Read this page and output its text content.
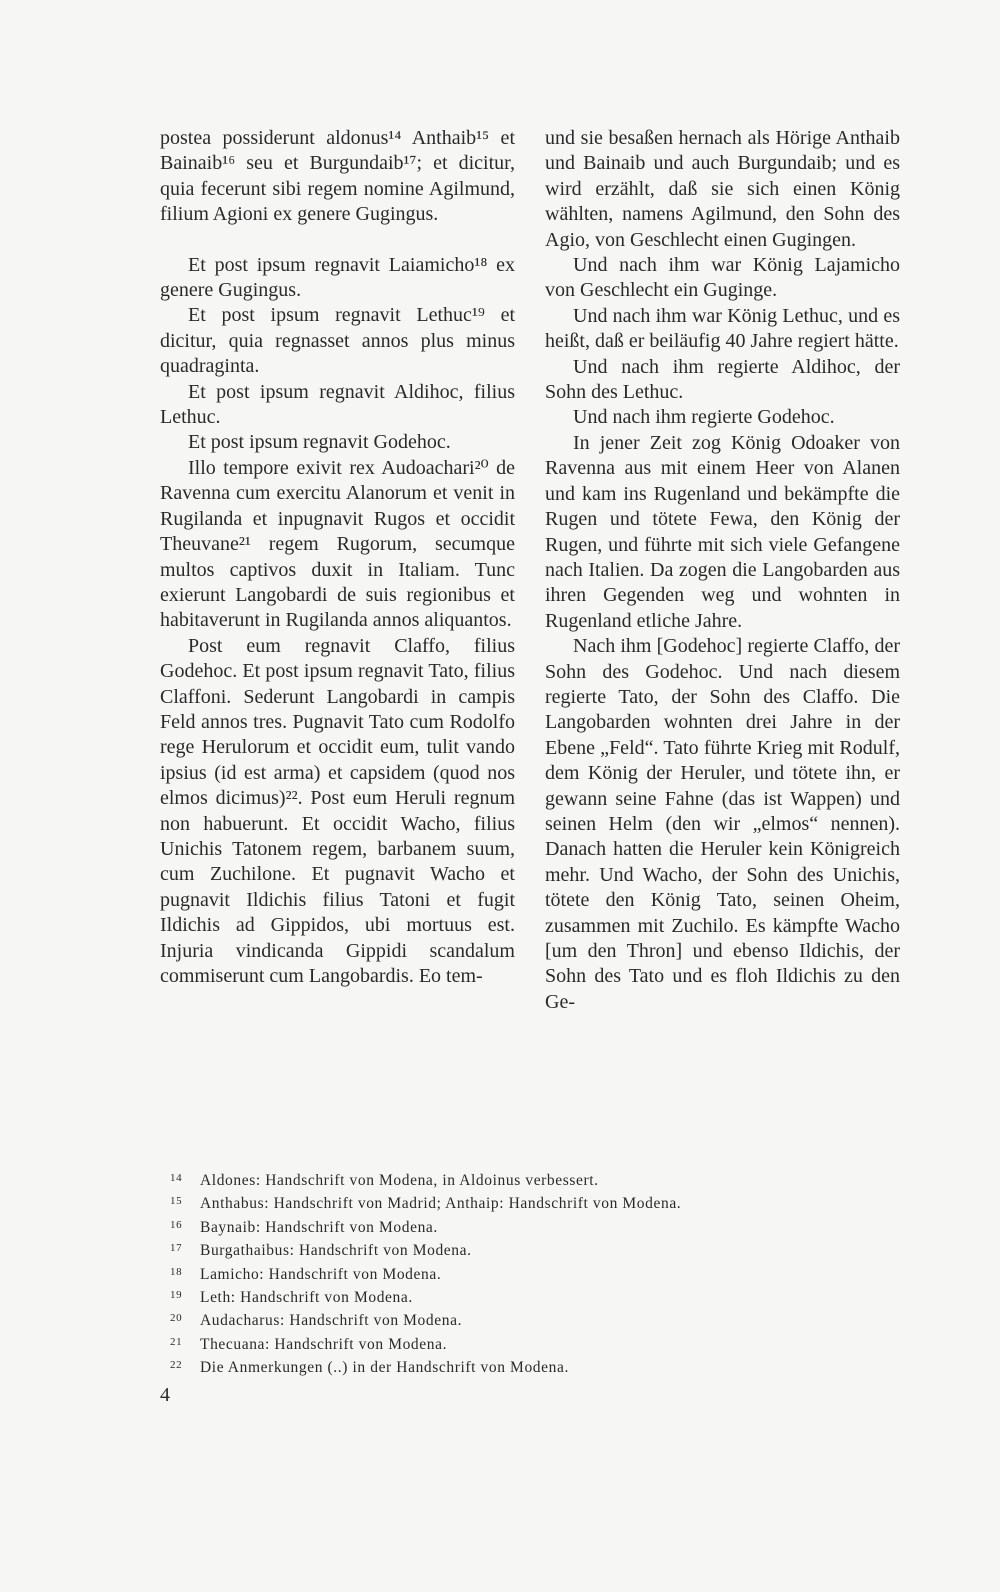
postea possiderunt aldonus¹⁴ Anthaib¹⁵ et Bainaib¹⁶ seu et Burgundaib¹⁷; et dicitur, quia fecerunt sibi regem nomine Agilmund, filium Agioni ex genere Gugingus.

Et post ipsum regnavit Laiamicho¹⁸ ex genere Gugingus.

Et post ipsum regnavit Lethuc¹⁹ et dicitur, quia regnasset annos plus minus quadraginta.

Et post ipsum regnavit Aldihoc, filius Lethuc.

Et post ipsum regnavit Godehoc.

Illo tempore exivit rex Audoachari²⁰ de Ravenna cum exercitu Alanorum et venit in Rugilanda et inpugnavit Rugos et occidit Theuvane²¹ regem Rugorum, secumque multos captivos duxit in Italiam. Tunc exierunt Langobardi de suis regionibus et habitaverunt in Rugilanda annos aliquantos.

Post eum regnavit Claffo, filius Godehoc. Et post ipsum regnavit Tato, filius Claffoni. Sederunt Langobardi in campis Feld annos tres. Pugnavit Tato cum Rodolfo rege Herulorum et occidit eum, tulit vando ipsius (id est arma) et capsidem (quod nos elmos dicimus)²². Post eum Heruli regnum non habuerunt. Et occidit Wacho, filius Unichis Tatonem regem, barbanem suum, cum Zuchilone. Et pugnavit Wacho et pugnavit Ildichis filius Tatoni et fugit Ildichis ad Gippidos, ubi mortuus est. Injuria vindicanda Gippidi scandalum commiserunt cum Langobardis. Eo tem-

und sie besaßen hernach als Hörige Anthaib und Bainaib und auch Burgundaib; und es wird erzählt, daß sie sich einen König wählten, namens Agilmund, den Sohn des Agio, von Geschlecht einen Gugingen.

Und nach ihm war König Lajamicho von Geschlecht ein Guginge.

Und nach ihm war König Lethuc, und es heißt, daß er beiläufig 40 Jahre regiert hätte.

Und nach ihm regierte Aldihoc, der Sohn des Lethuc.

Und nach ihm regierte Godehoc.

In jener Zeit zog König Odoaker von Ravenna aus mit einem Heer von Alanen und kam ins Rugenland und bekämpfte die Rugen und tötete Fewa, den König der Rugen, und führte mit sich viele Gefangene nach Italien. Da zogen die Langobarden aus ihren Gegenden weg und wohnten in Rugenland etliche Jahre.

Nach ihm [Godehoc] regierte Claffo, der Sohn des Godehoc. Und nach diesem regierte Tato, der Sohn des Claffo. Die Langobarden wohnten drei Jahre in der Ebene „Feld“. Tato führte Krieg mit Rodulf, dem König der Heruler, und tötete ihn, er gewann seine Fahne (das ist Wappen) und seinen Helm (den wir „elmos“ nennen). Danach hatten die Heruler kein Königreich mehr. Und Wacho, der Sohn des Unichis, tötete den König Tato, seinen Oheim, zusammen mit Zuchilo. Es kämpfte Wacho [um den Thron] und ebenso Ildichis, der Sohn des Tato und es floh Ildichis zu den Ge-

14 Aldones: Handschrift von Modena, in Aldoinus verbessert.

15 Anthabus: Handschrift von Madrid; Anthaip: Handschrift von Modena.

16 Baynaib: Handschrift von Modena.

17 Burgathaibus: Handschrift von Modena.

18 Lamicho: Handschrift von Modena.

19 Leth: Handschrift von Modena.

20 Audacharus: Handschrift von Modena.

21 Thecuana: Handschrift von Modena.

22 Die Anmerkungen (..) in der Handschrift von Modena.

4
